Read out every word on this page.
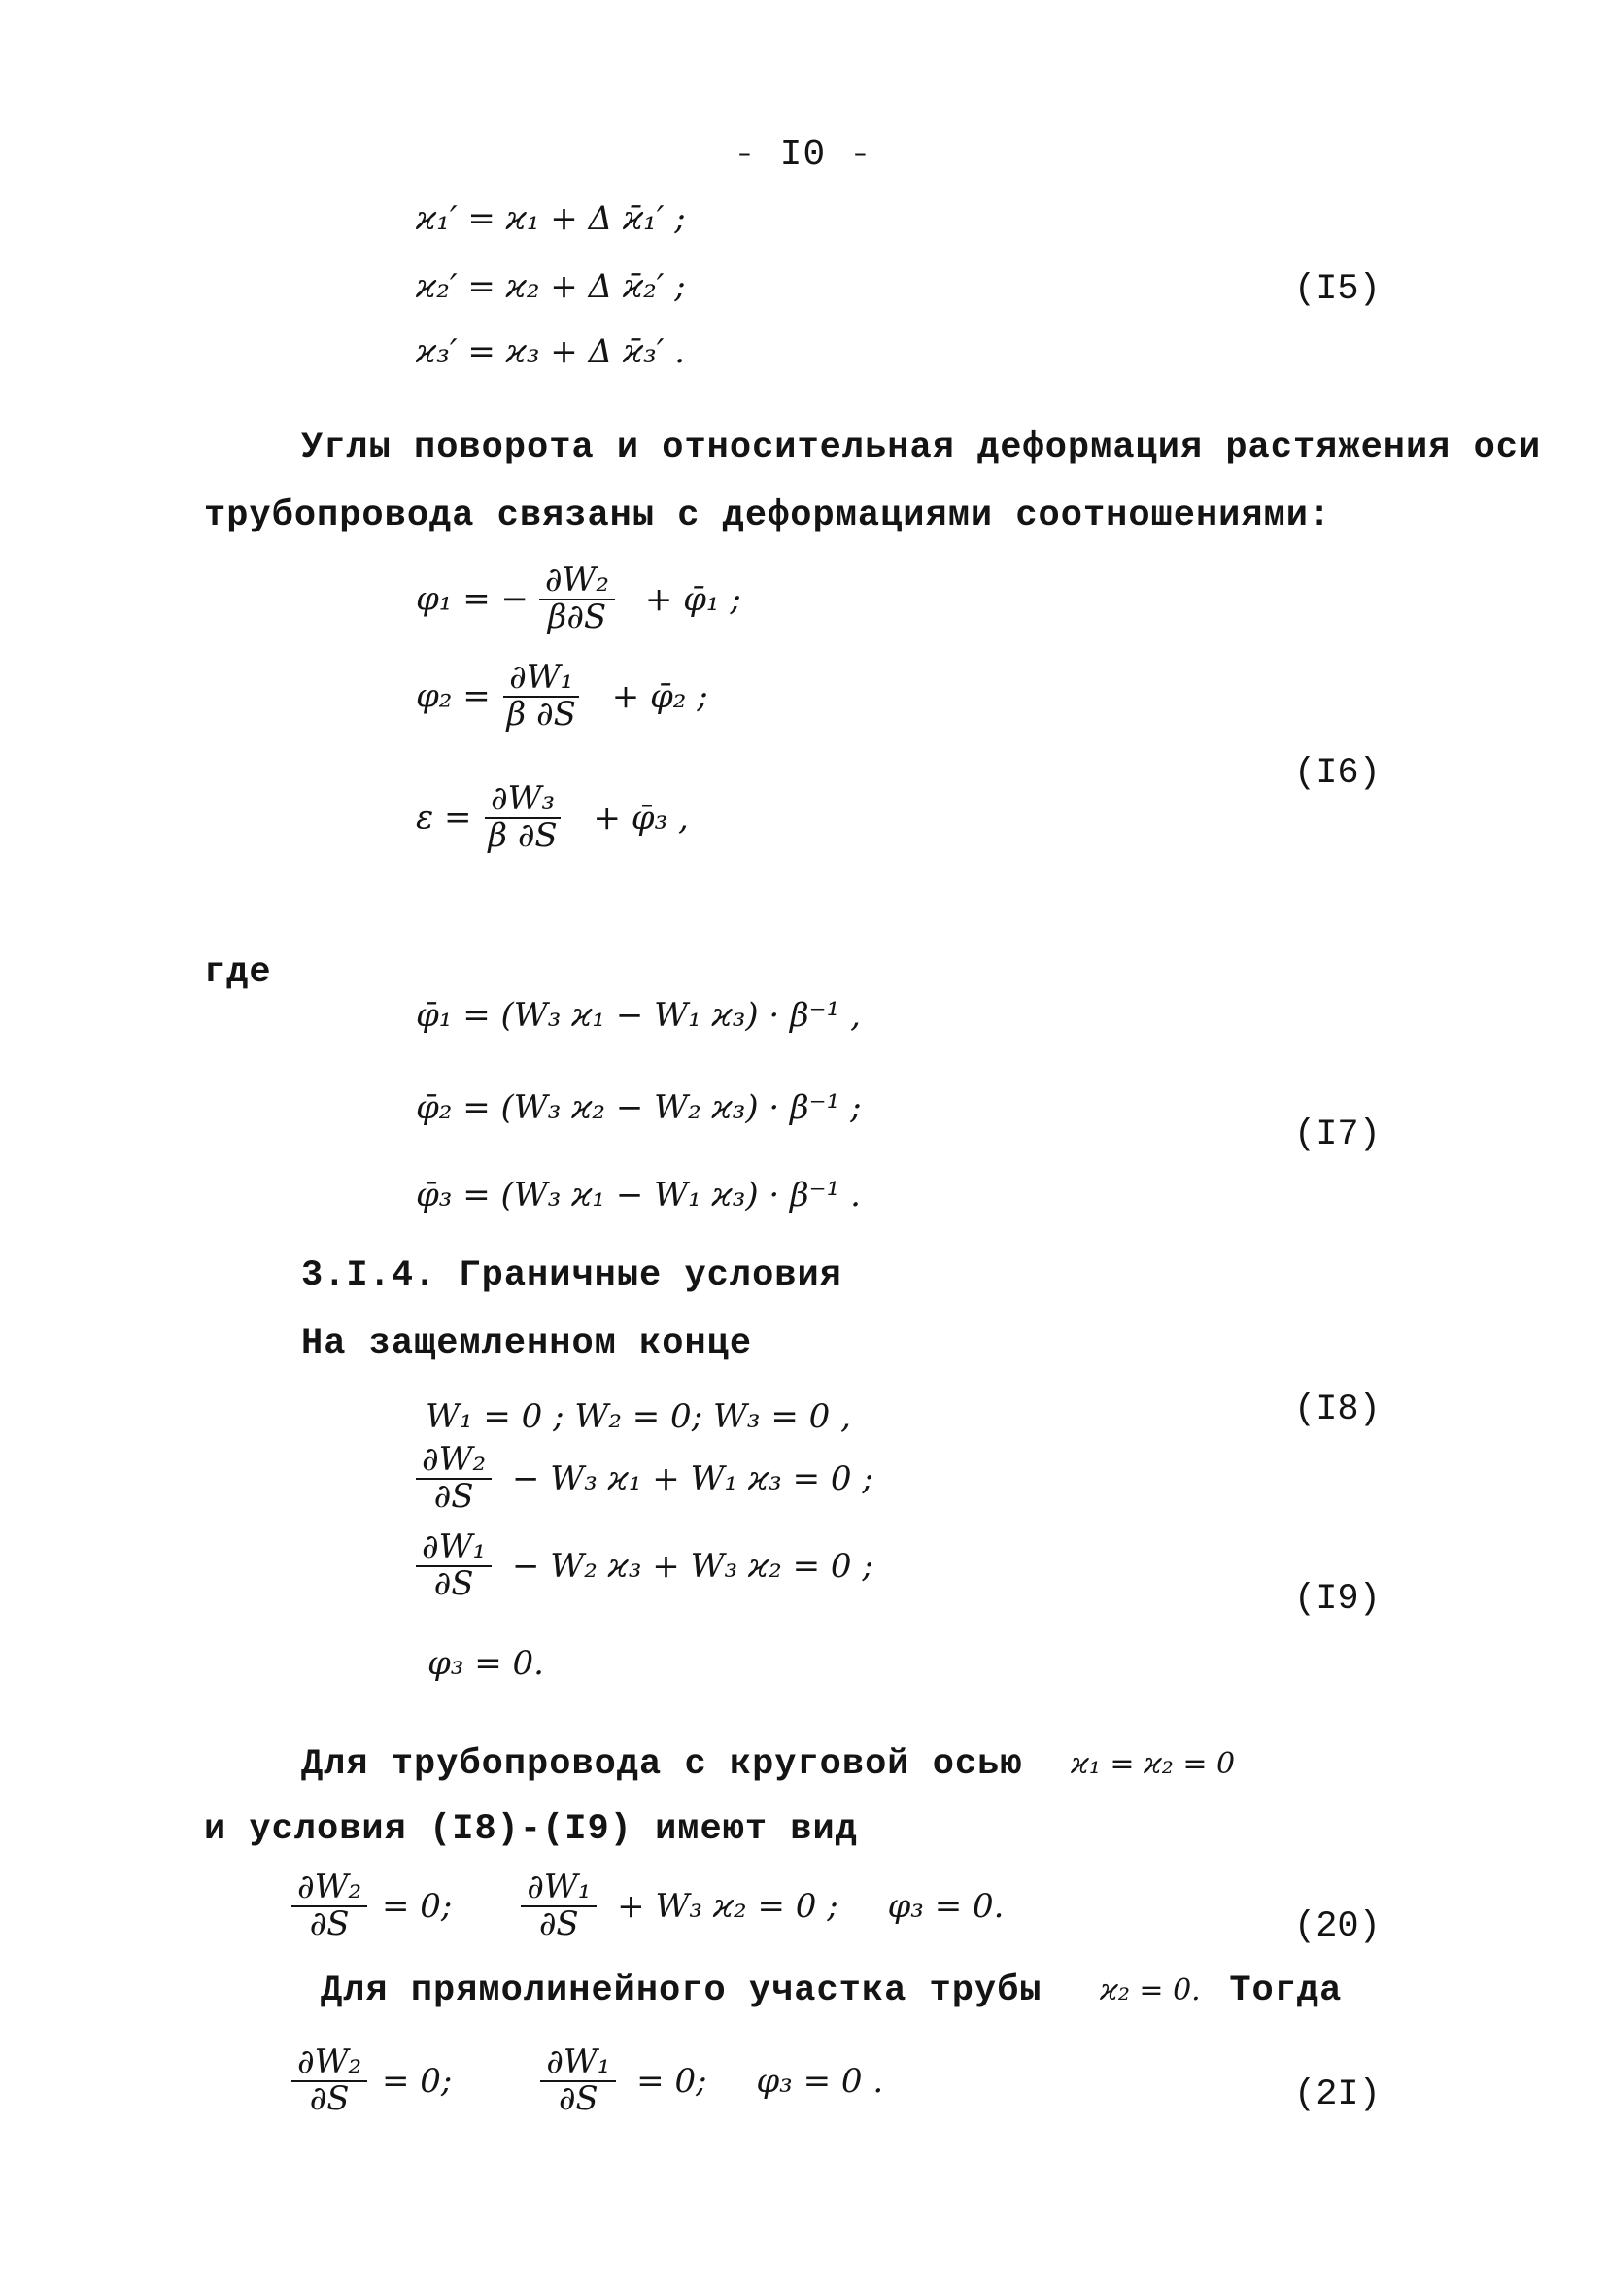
- I0 -
ϰ₁′ = ϰ₁ + Δ ϰ̄₁′ ;
ϰ₂′ = ϰ₂ + Δ ϰ̄₂′ ;
ϰ₃′ = ϰ₃ + Δ ϰ̄₃′ .
(I5)
Углы поворота и относительная деформация растяжения оси
трубопровода связаны с деформациями соотношениями:
φ₁ = − $\frac{\text{∂W₂}}{\beta\partial S}$ + φ̄₁ ;
$\varphi_2 = \frac{\text{∂W₁}}{\beta \partial S}$ + φ̄₂ ;
$\varepsilon = \frac{\text{∂W₃}}{\beta \partial S}$ + φ̄₃ ,
(I6)
где
φ̄₁ = (W₃ ϰ₁ − W₁ ϰ₃) · β⁻¹ ,
φ̄₂ = (W₃ ϰ₂ − W₂ ϰ₃) · β⁻¹ ;
φ̄₃ = (W₃ ϰ₁ − W₁ ϰ₃) · β⁻¹ .
(I7)
3.I.4. Граничные условия
На защемленном конце
W₁ = 0 ; W₂ = 0; W₃ = 0 ,	(I8)
$\frac{\text{∂W₂}}{\partial S} - W_3$ ϰ₁ + W₁ ϰ₃ = 0 ;
$\frac{\text{∂W₁}}{\partial S} - W_2$ ϰ₃ + W₃ ϰ₂ = 0 ;
φ₃ = 0.
(I9)
Для трубопровода с круговой осью ϰ₁ = ϰ₂ = 0
и условия (I8)-(I9) имеют вид
$\frac{\text{∂W₂}}{\partial S} = 0$; $\frac{\text{∂W₁}}{\partial S} + W_3$ ϰ₂ = 0 ; φ₃ = 0.
(20)
Для прямолинейного участка трубы ϰ₂ = 0. Тогда
$\frac{\text{∂W₂}}{\partial S} = 0$;	$\frac{\text{∂W₁}}{\partial S} = 0$; φ₃ = 0 .	(2I)
